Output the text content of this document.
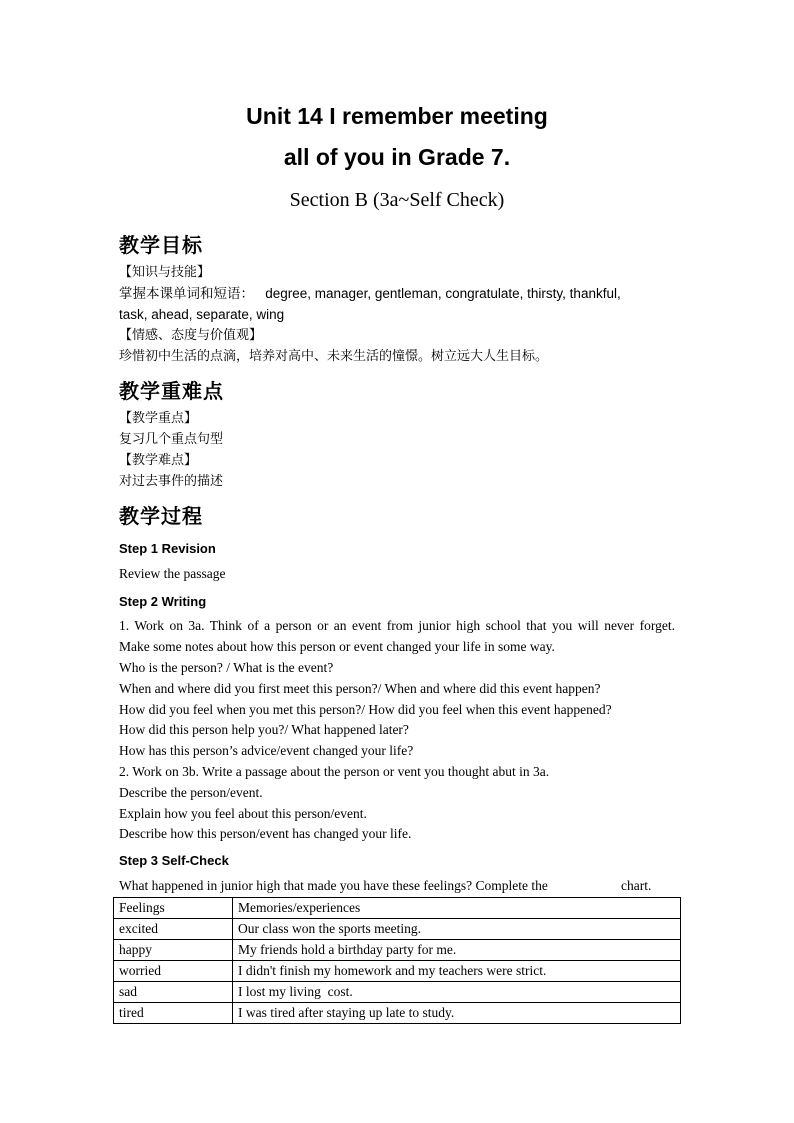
Unit 14 I remember meeting
all of you in Grade 7.
Section B (3a~Self Check)
教学目标
【知识与技能】
掌握本课单词和短语：   degree, manager, gentleman, congratulate, thirsty, thankful,
task, ahead, separate, wing
【情感、态度与价值观】
珍惜初中生活的点滴，培养对高中、未来生活的憧憬。树立远大人生目标。
教学重难点
【教学重点】
复习几个重点句型
【教学难点】
对过去事件的描述
教学过程
Step 1 Revision
Review the passage
Step 2 Writing
1. Work on 3a. Think of a person or an event from junior high school that you will never forget.
Make some notes about how this person or event changed your life in some way.
Who is the person? / What is the event?
When and where did you first meet this person?/ When and where did this event happen?
How did you feel when you met this person?/ How did you feel when this event happened?
How did this person help you?/ What happened later?
How has this person’s advice/event changed your life?
2. Work on 3b. Write a passage about the person or vent you thought abut in 3a.
Describe the person/event.
Explain how you feel about this person/event.
Describe how this person/event has changed your life.
Step 3 Self-Check
What happened in junior high that made you have these feelings? Complete the	chart.
Feelings	Memories/experiences
excited	Our class won the sports meeting.
happy	My friends hold a birthday party for me.
worried	I didn't finish my homework and my teachers were strict.
sad	I lost my living  cost.
tired	I was tired after staying up late to study.
